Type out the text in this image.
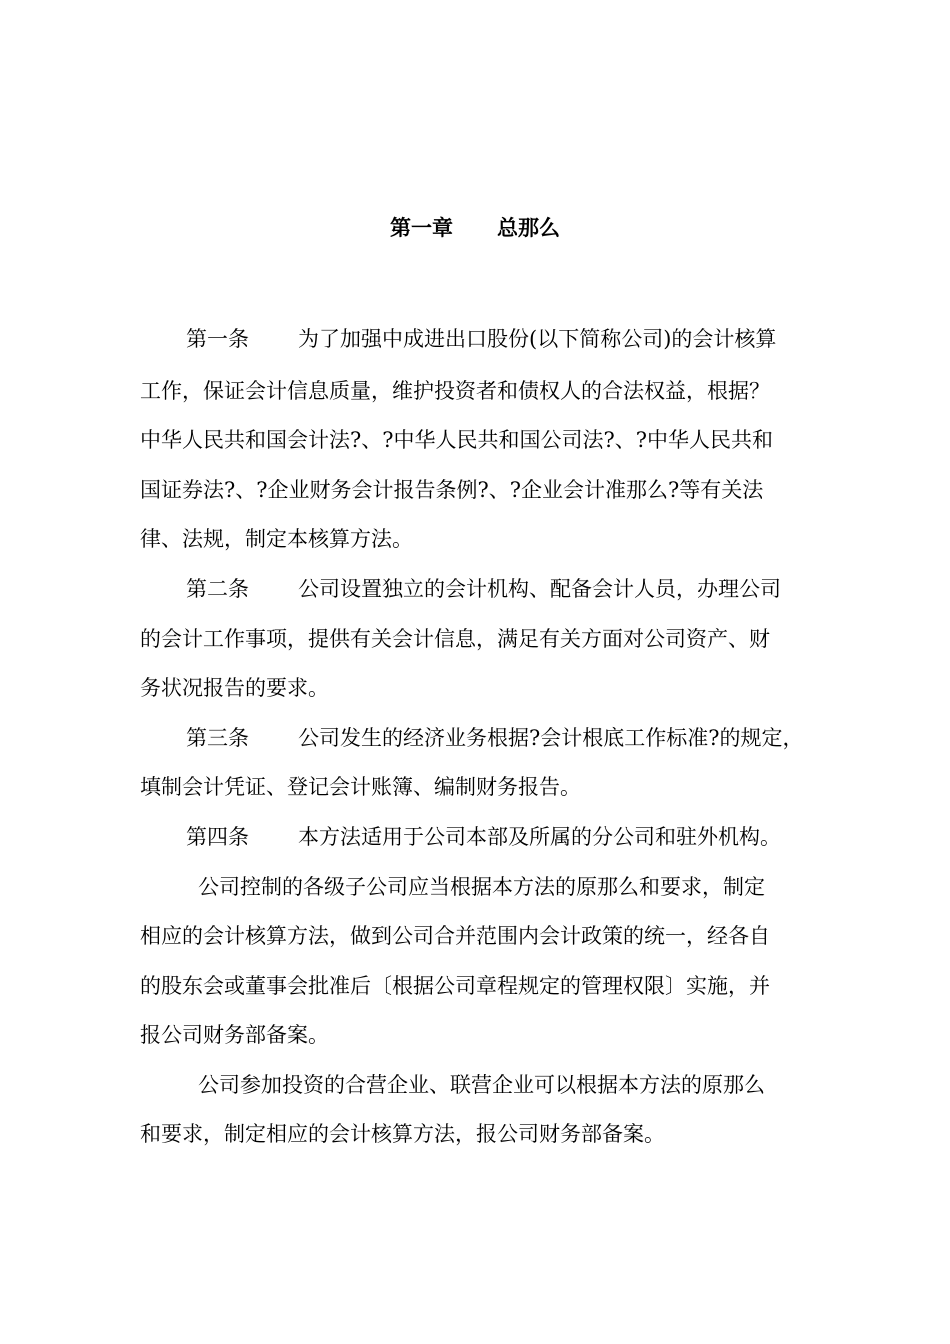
第一章 总那么
第一条 为了加强中成进出口股份(以下简称公司)的会计核算
工作，保证会计信息质量，维护投资者和债权人的合法权益，根据？
中华人民共和国会计法?、?中华人民共和国公司法?、?中华人民共和
国证券法?、?企业财务会计报告条例?、?企业会计准那么?等有关法
律、法规，制定本核算方法。
第二条 公司设置独立的会计机构、配备会计人员，办理公司
的会计工作事项，提供有关会计信息，满足有关方面对公司资产、财
务状况报告的要求。
第三条 公司发生的经济业务根据?会计根底工作标准?的规定，
填制会计凭证、登记会计账簿、编制财务报告。
第四条 本方法适用于公司本部及所属的分公司和驻外机构。
公司控制的各级子公司应当根据本方法的原那么和要求，制定
相应的会计核算方法，做到公司合并范围内会计政策的统一，经各自
的股东会或董事会批准后〔根据公司章程规定的管理权限〕实施，并
报公司财务部备案。
公司参加投资的合营企业、联营企业可以根据本方法的原那么
和要求，制定相应的会计核算方法，报公司财务部备案。
